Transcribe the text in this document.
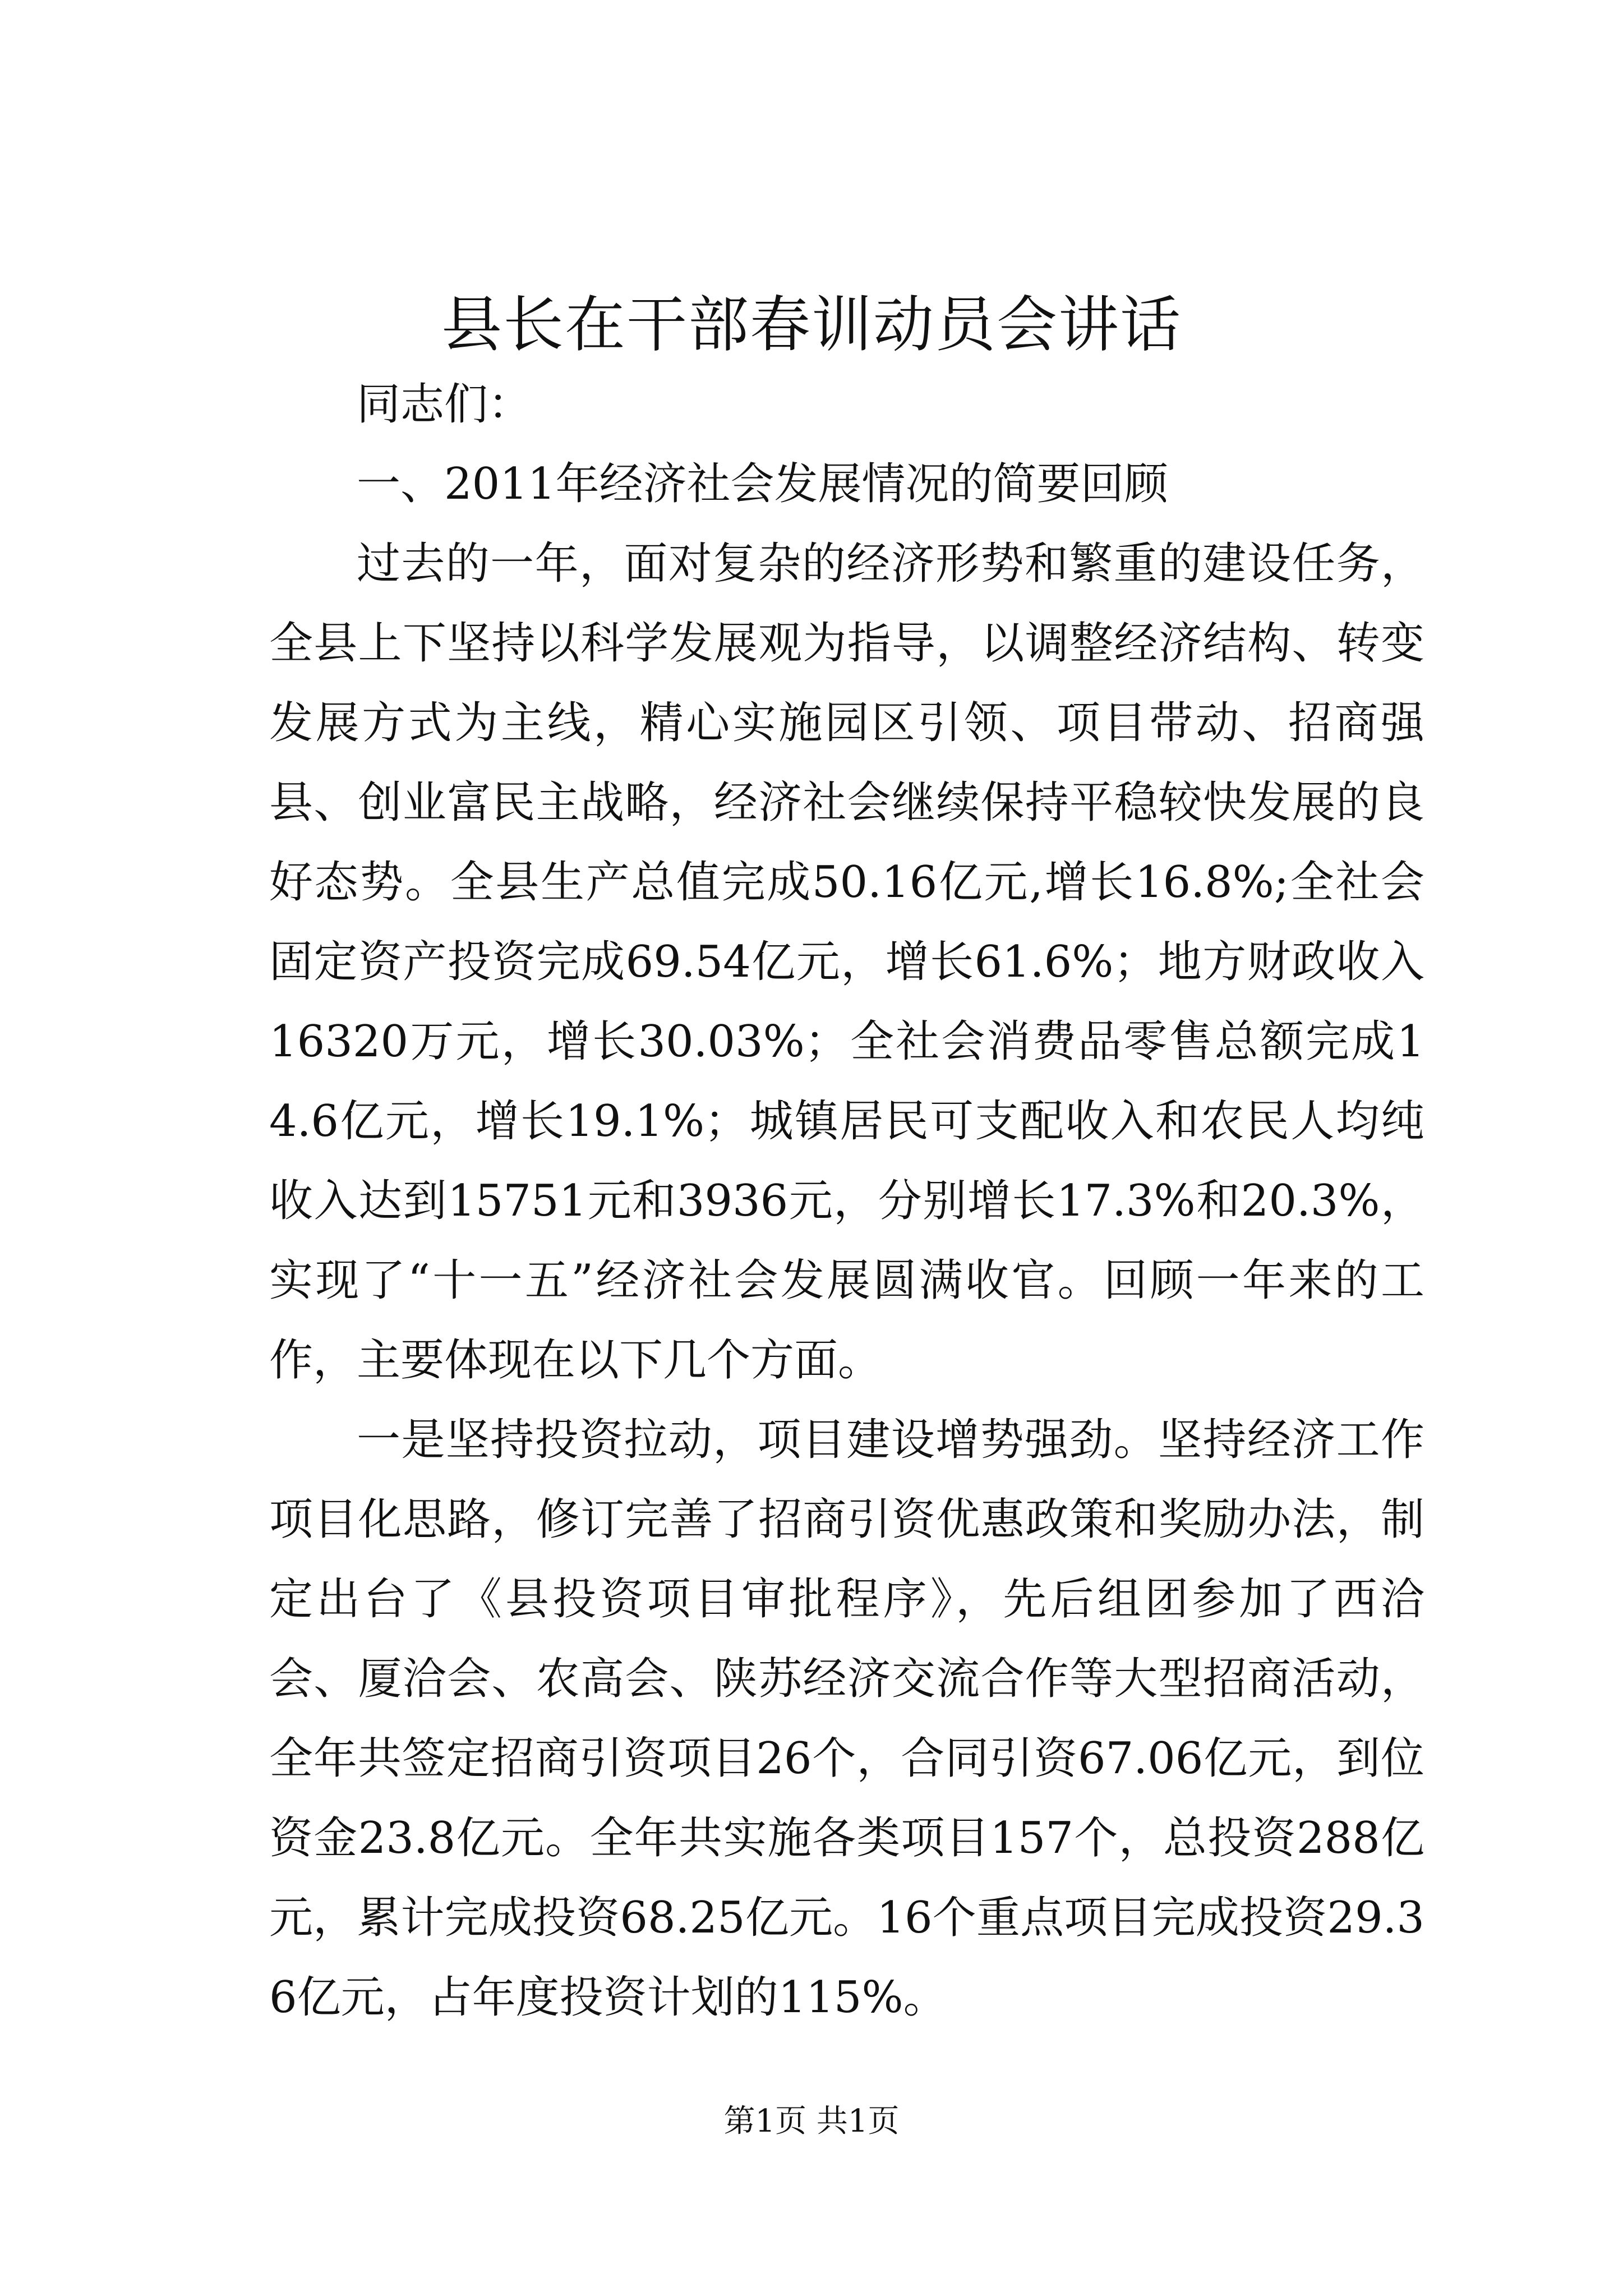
县长在干部春训动员会讲话

同志们：

一、2011年经济社会发展情况的简要回顾

过去的一年，面对复杂的经济形势和繁重的建设任务，全县上下坚持以科学发展观为指导，以调整经济结构、转变发展方式为主线，精心实施园区引领、项目带动、招商强县、创业富民主战略，经济社会继续保持平稳较快发展的良好态势。全县生产总值完成50.16亿元,增长16.8%;全社会固定资产投资完成69.54亿元，增长61.6%；地方财政收入16320万元，增长30.03%；全社会消费品零售总额完成14.6亿元，增长19.1%；城镇居民可支配收入和农民人均纯收入达到15751元和3936元，分别增长17.3%和20.3%，实现了“十一五”经济社会发展圆满收官。回顾一年来的工作，主要体现在以下几个方面。

一是坚持投资拉动，项目建设增势强劲。坚持经济工作项目化思路，修订完善了招商引资优惠政策和奖励办法，制定出台了《县投资项目审批程序》，先后组团参加了西洽会、厦洽会、农高会、陕苏经济交流合作等大型招商活动，全年共签定招商引资项目26个，合同引资67.06亿元，到位资金23.8亿元。全年共实施各类项目157个，总投资288亿元，累计完成投资68.25亿元。16个重点项目完成投资29.36亿元，占年度投资计划的115%。

第1页 共1页
